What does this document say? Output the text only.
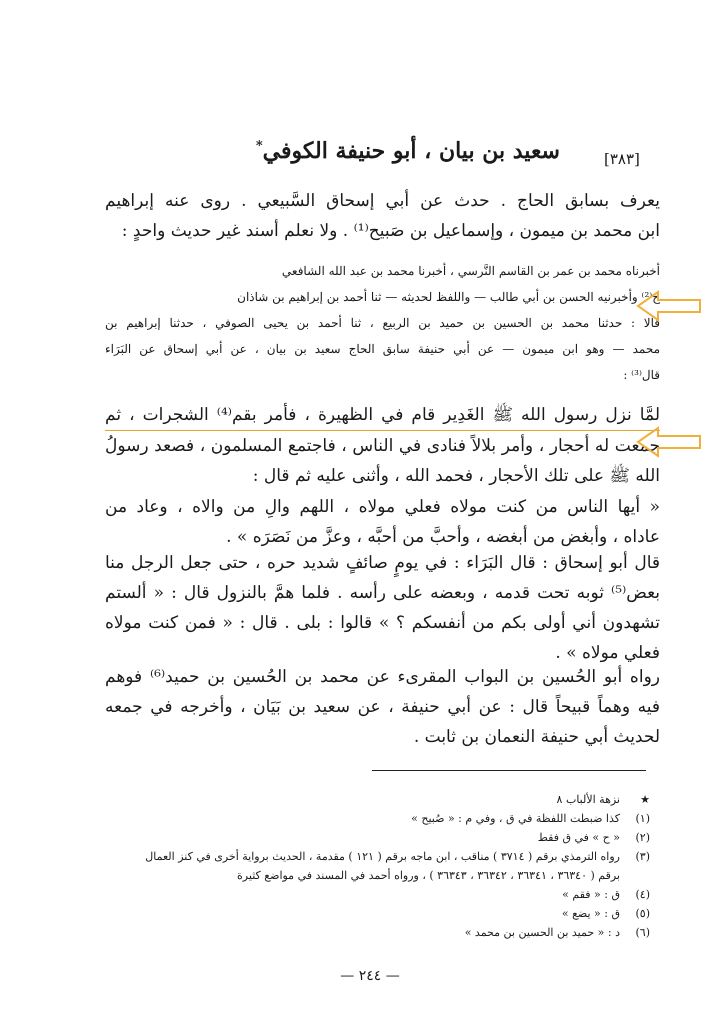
[٣٨٣]
سعيد بن بيان ، أبو حنيفة الكوفي*
يعرف بسابق الحاج . حدث عن أبي إسحاق السَّبيعي . روى عنه إبراهيم
ابن محمد بن ميمون ، وإسماعيل بن صَبيح⁽¹⁾ . ولا نعلم أسند غير حديث واحدٍ :
أخبرناه محمد بن عمر بن القاسم النَّرسي ، أخبرنا محمد بن عبد الله الشافعي
ح⁽²⁾ وأخبرنيه الحسن بن أبي طالب — واللفظ لحديثه — ثنا أحمد بن إبراهيم بن شاذان
قالا : حدثنا محمد بن الحسين بن حميد بن الربيع ، ثنا أحمد بن يحيى الصوفي ، حدثنا إبراهيم بن
محمد — وهو ابن ميمون — عن أبي حنيفة سابق الحاج سعيد بن بيان ، عن أبي إسحاق عن البَرَاء
قال⁽³⁾ :
لمَّا نزل رسول الله ﷺ الغَدِير قام في الظهيرة ، فأمر بقم⁽⁴⁾ الشجرات ، ثم
جمعت له أحجار ، وأمر بلالاً فنادى في الناس ، فاجتمع المسلمون ، فصعد رسولُ
الله ﷺ على تلك الأحجار ، فحمد الله ، وأثنى عليه ثم قال :
« أيها الناس من كنت مولاه فعلي مولاه ، اللهم والِ من والاه ، وعاد من
عاداه ، وأبغض من أبغضه ، وأحبَّ من أحبَّه ، وعزَّ من نَصَرَه » .
قال أبو إسحاق : قال البَرَاء : في يومٍ صائفٍ شديد حره ، حتى جعل الرجل منا
بعض⁽⁵⁾ ثوبه تحت قدمه ، وبعضه على رأسه . فلما همَّ بالنزول قال : « ألستم
تشهدون أني أولى بكم من أنفسكم ؟ » قالوا : بلى . قال : « فمن كنت مولاه
فعلي مولاه » .
رواه أبو الحُسين بن البواب المقرىء عن محمد بن الحُسين بن حميد⁽⁶⁾ فوهم
فيه وهماً قبيحاً قال : عن أبي حنيفة ، عن سعيد بن بَيَان ، وأخرجه في جمعه
لحديث أبي حنيفة النعمان بن ثابت .
★
نزهة الألباب ٨
(١)
كذا ضبطت اللفظة في ق ، وفي م : « صُبيح »
(٢)
« ح » في ق فقط
(٣)
رواه الترمذي برقم ( ٣٧١٤ ) مناقب ، ابن ماجه برقم ( ١٢١ ) مقدمة ، الحديث برواية أخرى في كنز العمال
برقم ( ٣٦٣٤٠ ، ٣٦٣٤١ ، ٣٦٣٤٢ ، ٣٦٣٤٣ ) ، ورواه أحمد في المسند في مواضع كثيرة
(٤)
ق : « فقم »
(٥)
ق : « يضع »
(٦)
د : « حميد بن الحسين بن محمد »
— ٢٤٤ —
